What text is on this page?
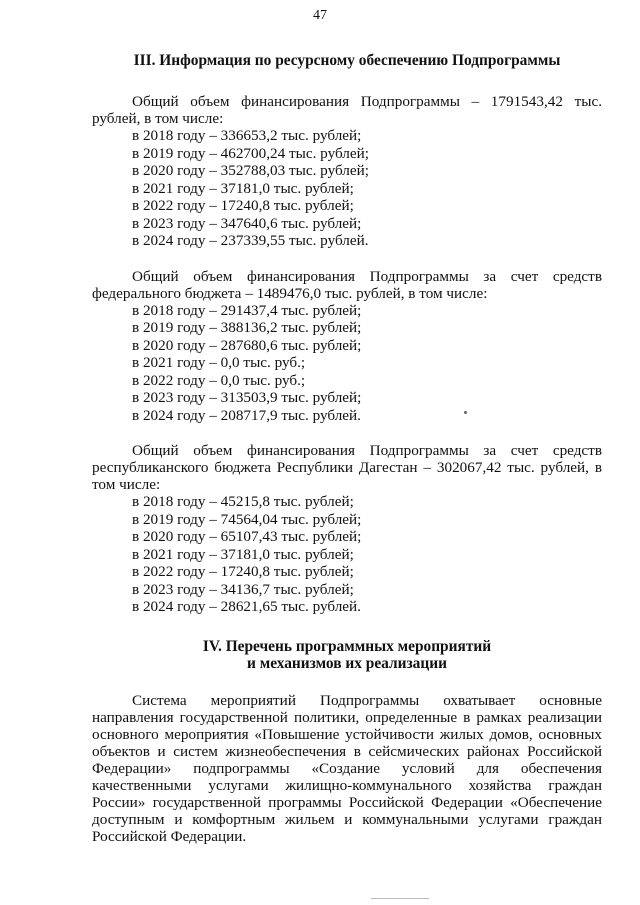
47
III. Информация по ресурсному обеспечению Подпрограммы
Общий объем финансирования Подпрограммы – 1791543,42 тыс. рублей, в том числе:
в 2018 году – 336653,2 тыс. рублей;
в 2019 году – 462700,24 тыс. рублей;
в 2020 году – 352788,03 тыс. рублей;
в 2021 году – 37181,0 тыс. рублей;
в 2022 году – 17240,8 тыс. рублей;
в 2023 году – 347640,6 тыс. рублей;
в 2024 году – 237339,55 тыс. рублей.
Общий объем финансирования Подпрограммы за счет средств федерального бюджета – 1489476,0 тыс. рублей, в том числе:
в 2018 году – 291437,4 тыс. рублей;
в 2019 году – 388136,2 тыс. рублей;
в 2020 году – 287680,6 тыс. рублей;
в 2021 году – 0,0 тыс. руб.;
в 2022 году – 0,0 тыс. руб.;
в 2023 году – 313503,9 тыс. рублей;
в 2024 году – 208717,9 тыс. рублей.
Общий объем финансирования Подпрограммы за счет средств республиканского бюджета Республики Дагестан – 302067,42 тыс. рублей, в том числе:
в 2018 году – 45215,8 тыс. рублей;
в 2019 году – 74564,04 тыс. рублей;
в 2020 году – 65107,43 тыс. рублей;
в 2021 году – 37181,0 тыс. рублей;
в 2022 году – 17240,8 тыс. рублей;
в 2023 году – 34136,7 тыс. рублей;
в 2024 году – 28621,65 тыс. рублей.
IV. Перечень программных мероприятий
и механизмов их реализации
Система мероприятий Подпрограммы охватывает основные направления государственной политики, определенные в рамках реализации основного мероприятия «Повышение устойчивости жилых домов, основных объектов и систем жизнеобеспечения в сейсмических районах Российской Федерации» подпрограммы «Создание условий для обеспечения качественными услугами жилищно-коммунального хозяйства граждан России» государственной программы Российской Федерации «Обеспечение доступным и комфортным жильем и коммунальными услугами граждан Российской Федерации.
